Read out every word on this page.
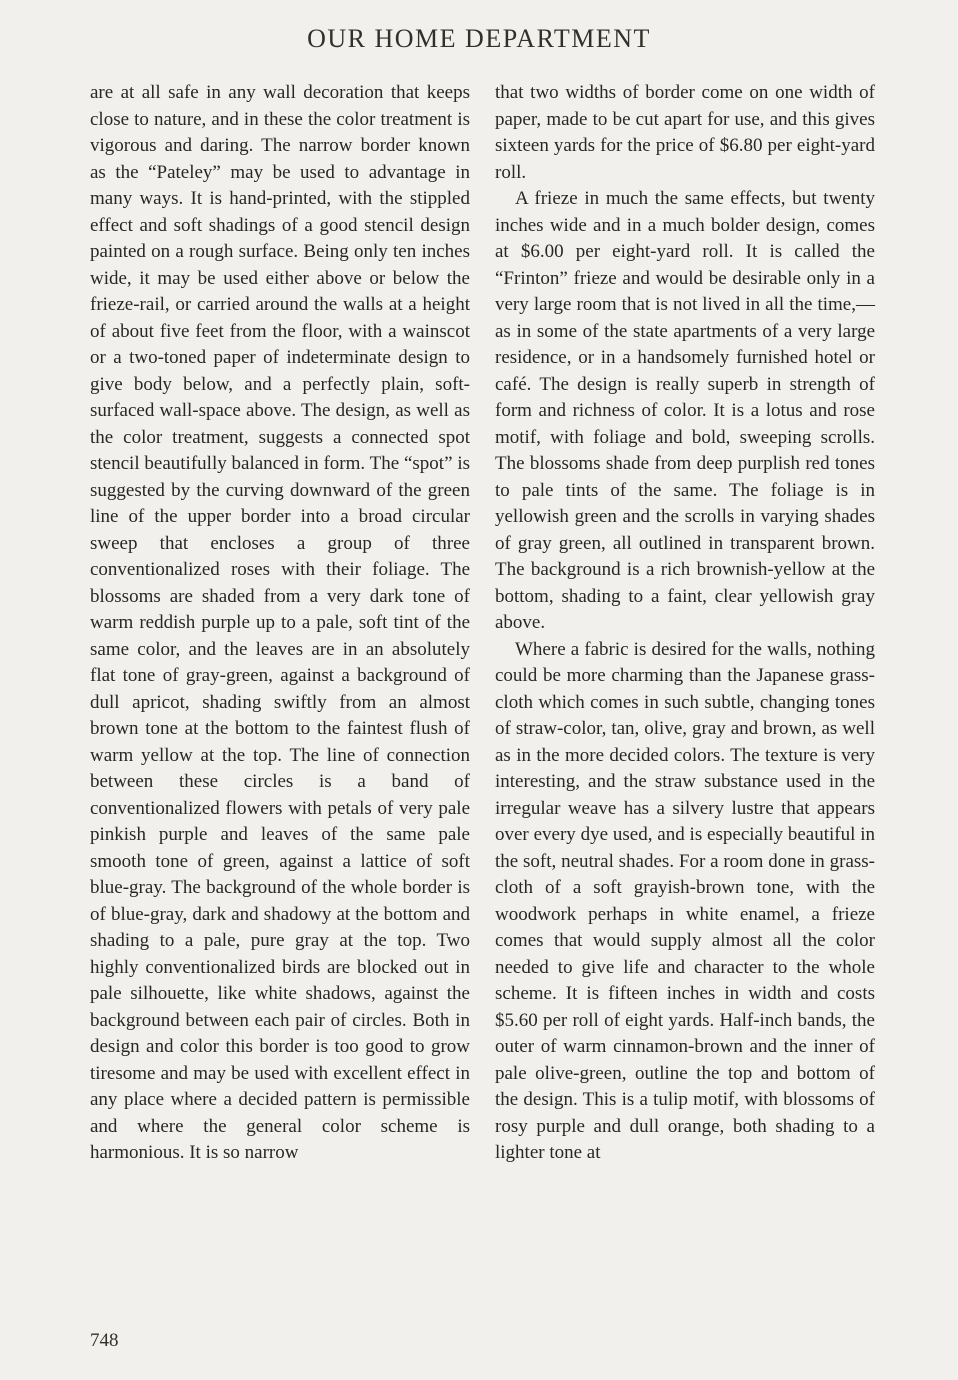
OUR HOME DEPARTMENT

are at all safe in any wall decoration that keeps close to nature, and in these the color treatment is vigorous and daring. The narrow border known as the “Pateley” may be used to advantage in many ways. It is hand-printed, with the stippled effect and soft shadings of a good stencil design painted on a rough surface. Being only ten inches wide, it may be used either above or below the frieze-rail, or carried around the walls at a height of about five feet from the floor, with a wainscot or a two-toned paper of indeterminate design to give body below, and a perfectly plain, soft-surfaced wall-space above. The design, as well as the color treatment, suggests a connected spot stencil beautifully balanced in form. The “spot” is suggested by the curving downward of the green line of the upper border into a broad circular sweep that encloses a group of three conventionalized roses with their foliage. The blossoms are shaded from a very dark tone of warm reddish purple up to a pale, soft tint of the same color, and the leaves are in an absolutely flat tone of gray-green, against a background of dull apricot, shading swiftly from an almost brown tone at the bottom to the faintest flush of warm yellow at the top. The line of connection between these circles is a band of conventionalized flowers with petals of very pale pinkish purple and leaves of the same pale smooth tone of green, against a lattice of soft blue-gray. The background of the whole border is of blue-gray, dark and shadowy at the bottom and shading to a pale, pure gray at the top. Two highly conventionalized birds are blocked out in pale silhouette, like white shadows, against the background between each pair of circles. Both in design and color this border is too good to grow tiresome and may be used with excellent effect in any place where a decided pattern is permissible and where the general color scheme is harmonious. It is so narrow

that two widths of border come on one width of paper, made to be cut apart for use, and this gives sixteen yards for the price of $6.80 per eight-yard roll.

A frieze in much the same effects, but twenty inches wide and in a much bolder design, comes at $6.00 per eight-yard roll. It is called the “Frinton” frieze and would be desirable only in a very large room that is not lived in all the time,—as in some of the state apartments of a very large residence, or in a handsomely furnished hotel or café. The design is really superb in strength of form and richness of color. It is a lotus and rose motif, with foliage and bold, sweeping scrolls. The blossoms shade from deep purplish red tones to pale tints of the same. The foliage is in yellowish green and the scrolls in varying shades of gray green, all outlined in transparent brown. The background is a rich brownish-yellow at the bottom, shading to a faint, clear yellowish gray above.

Where a fabric is desired for the walls, nothing could be more charming than the Japanese grass-cloth which comes in such subtle, changing tones of straw-color, tan, olive, gray and brown, as well as in the more decided colors. The texture is very interesting, and the straw substance used in the irregular weave has a silvery lustre that appears over every dye used, and is especially beautiful in the soft, neutral shades. For a room done in grass-cloth of a soft grayish-brown tone, with the woodwork perhaps in white enamel, a frieze comes that would supply almost all the color needed to give life and character to the whole scheme. It is fifteen inches in width and costs $5.60 per roll of eight yards. Half-inch bands, the outer of warm cinnamon-brown and the inner of pale olive-green, outline the top and bottom of the design. This is a tulip motif, with blossoms of rosy purple and dull orange, both shading to a lighter tone at

748
